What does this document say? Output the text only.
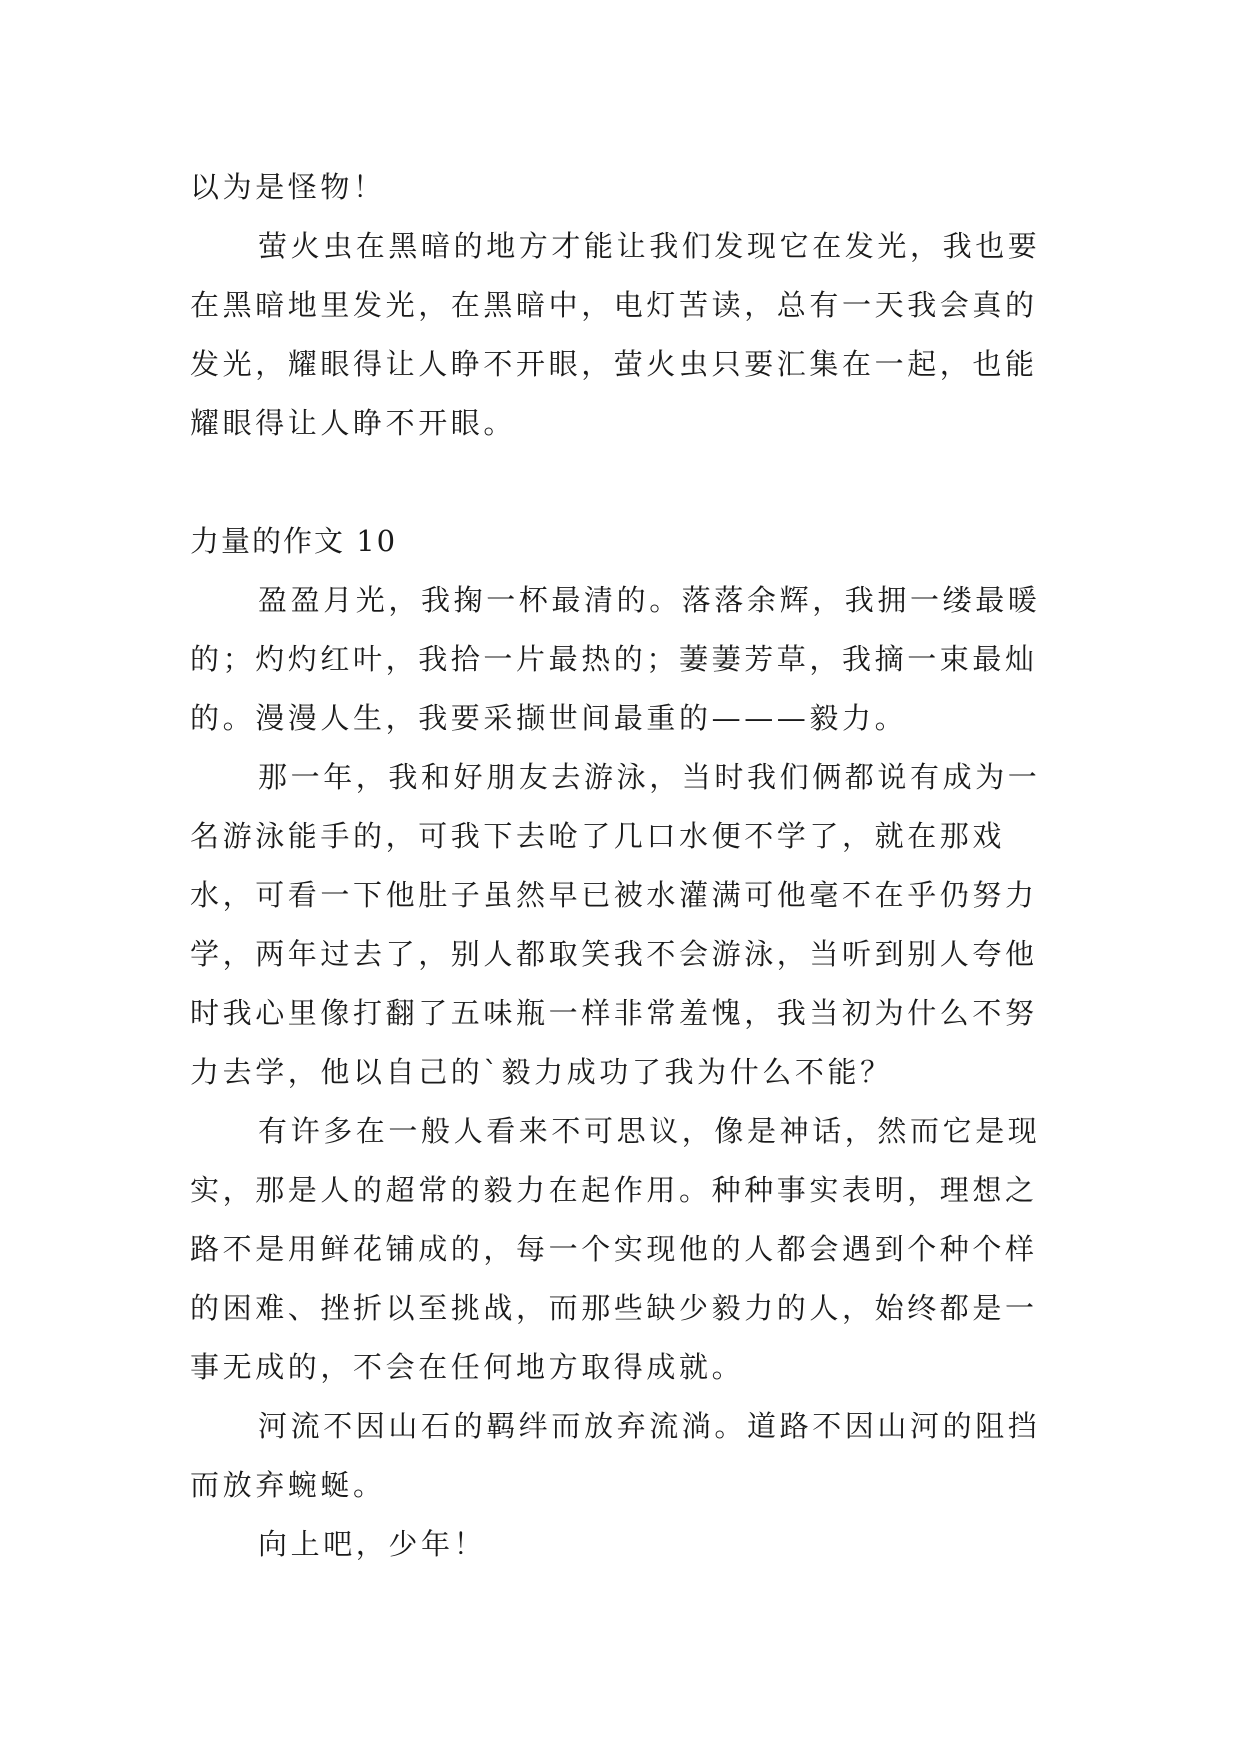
以为是怪物！

萤火虫在黑暗的地方才能让我们发现它在发光，我也要在黑暗地里发光，在黑暗中，电灯苦读，总有一天我会真的发光，耀眼得让人睁不开眼，萤火虫只要汇集在一起，也能耀眼得让人睁不开眼。

力量的作文 10

盈盈月光，我掬一杯最清的。落落余辉，我拥一缕最暖的；灼灼红叶，我拾一片最热的；萋萋芳草，我摘一束最灿的。漫漫人生，我要采撷世间最重的———毅力。

那一年，我和好朋友去游泳，当时我们俩都说有成为一名游泳能手的，可我下去呛了几口水便不学了，就在那戏水，可看一下他肚子虽然早已被水灌满可他毫不在乎仍努力学，两年过去了，别人都取笑我不会游泳，当听到别人夸他时我心里像打翻了五味瓶一样非常羞愧，我当初为什么不努力去学，他以自己的`毅力成功了我为什么不能？

有许多在一般人看来不可思议，像是神话，然而它是现实，那是人的超常的毅力在起作用。种种事实表明，理想之路不是用鲜花铺成的，每一个实现他的人都会遇到个种个样的困难、挫折以至挑战，而那些缺少毅力的人，始终都是一事无成的，不会在任何地方取得成就。

河流不因山石的羁绊而放弃流淌。道路不因山河的阻挡而放弃蜿蜒。

向上吧，少年！
